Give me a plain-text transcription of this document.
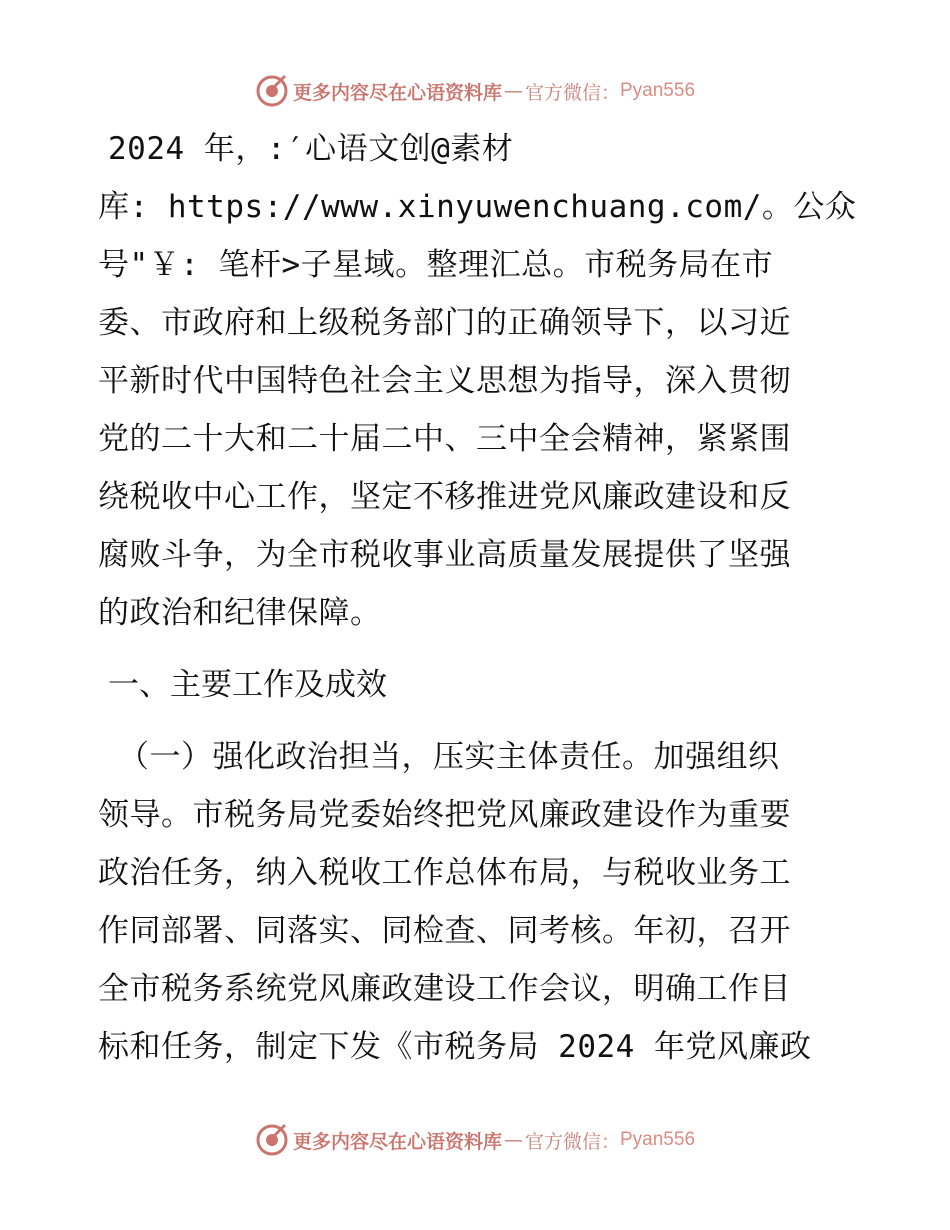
更多内容尽在心语资料库 — 官方微信： Pyan556
2024 年，:′心语文创@素材
库: https://www.xinyuwenchuang.com/。公众
号"￥: 笔杆>子星域。整理汇总。市税务局在市
委、市政府和上级税务部门的正确领导下，以习近
平新时代中国特色社会主义思想为指导，深入贯彻
党的二十大和二十届二中、三中全会精神，紧紧围
绕税收中心工作，坚定不移推进党风廉政建设和反
腐败斗争，为全市税收事业高质量发展提供了坚强
的政治和纪律保障。
一、主要工作及成效
（一）强化政治担当，压实主体责任。加强组织
领导。市税务局党委始终把党风廉政建设作为重要
政治任务，纳入税收工作总体布局，与税收业务工
作同部署、同落实、同检查、同考核。年初，召开
全市税务系统党风廉政建设工作会议，明确工作目
标和任务，制定下发《市税务局 2024 年党风廉政
更多内容尽在心语资料库 — 官方微信： Pyan556
